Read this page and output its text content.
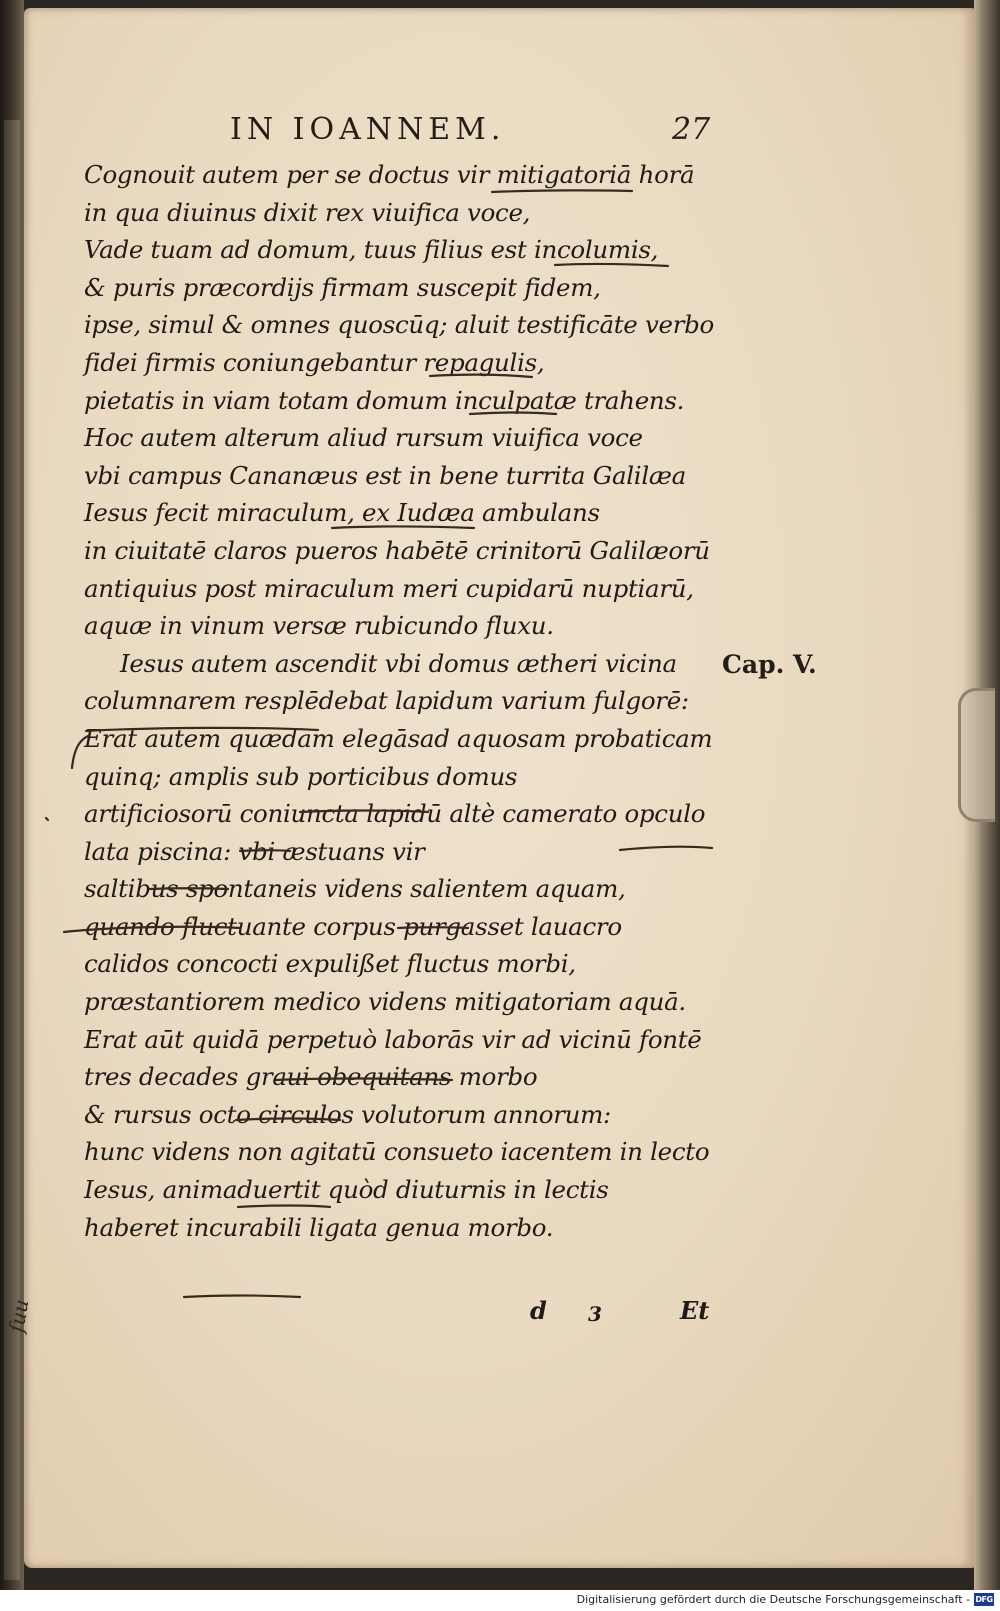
IN IOANNEM.	27
Cognouit autem per se doctus vir mitigatoriā horā
in qua diuinus dixit rex viuifica voce,
Vade tuam ad domum, tuus filius est incolumis,
& puris præcordijs firmam suscepit fidem,
ipse, simul & omnes quoscūq; aluit testificāte verbo
fidei firmis coniungebantur repagulis,
pietatis in viam totam domum inculpatæ trahens.
Hoc autem alterum aliud rursum viuifica voce
vbi campus Cananæus est in bene turrita Galilæa
Iesus fecit miraculum, ex Iudæa ambulans
in ciuitatē claros pueros habētē crinitorū Galilæorū
antiquius post miraculum meri cupidarū nuptiarū,
aquæ in vinum versæ rubicundo fluxu.
Iesus autem ascendit vbi domus ætheri vicina
columnarem resplēdebat lapidum varium fulgorē:
Erat autem quædam elegāsad aquosam probaticam
quinq; amplis sub porticibus domus
artificiosorū coniuncta lapidū altè camerato opculo
lata piscina: vbi æstuans vir
saltibus spontaneis videns salientem aquam,
quando fluctuante corpus purgasset lauacro
calidos concocti expulißet fluctus morbi,
præstantiorem medico videns mitigatoriam aquā.
Erat aūt quidā perpetuò laborās vir ad vicinū fontē
tres decades graui obequitans morbo
& rursus octo circulos volutorum annorum:
hunc videns non agitatū consueto iacentem in lecto
Iesus, animaduertit quòd diuturnis in lectis
haberet incurabili ligata genua morbo.
Cap. V.
d 3	Et
ſuu
Digitalisierung gefördert durch die Deutsche Forschungsgemeinschaft - DFG
